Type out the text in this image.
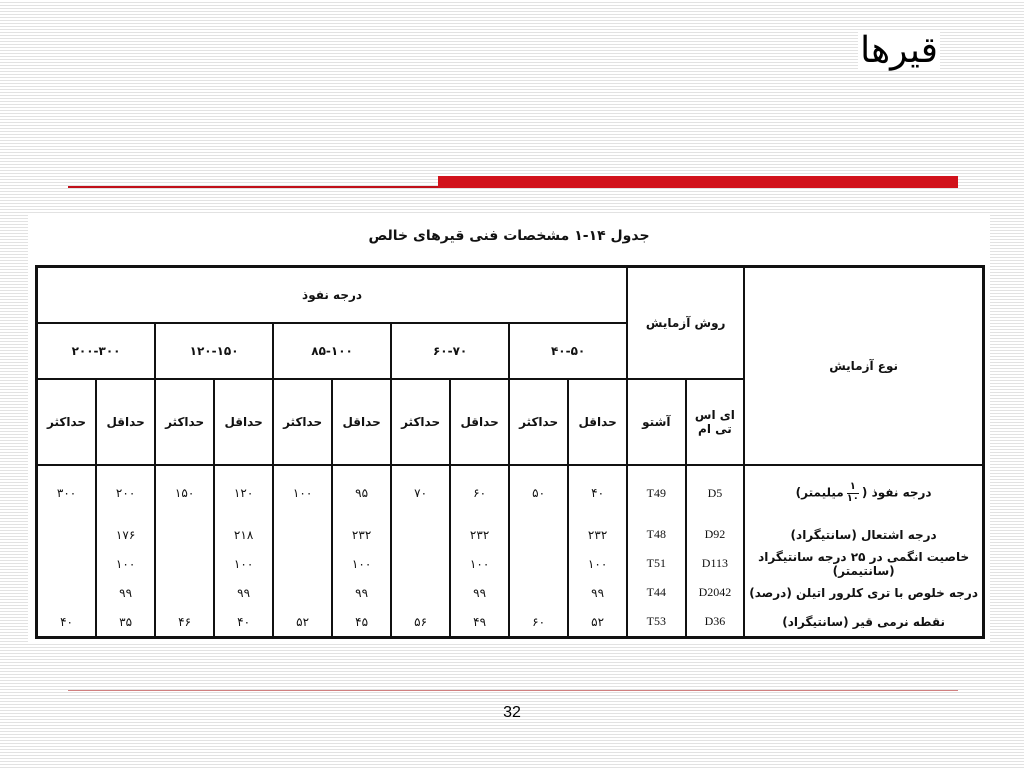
قیرها
جدول ۱۴-۱ مشخصات فنی قیرهای خالص
نوع آزمایش	روش آزمایش		درجه نفوذ									
			۴۰-۵۰		۶۰-۷۰		۸۵-۱۰۰		۱۲۰-۱۵۰		۲۰۰-۳۰۰	
	ای اس تی ام	آشتو	حداقل	حداکثر	حداقل	حداکثر	حداقل	حداکثر	حداقل	حداکثر	حداقل	حداکثر
درجه نفوذ (
$\frac{۱}{۱۰}$
میلیمتر)	D5	T49	۴۰	۵۰	۶۰	۷۰	۹۵	۱۰۰	۱۲۰	۱۵۰	۲۰۰	۳۰۰
درجه اشتعال (سانتیگراد)	D92	T48	۲۳۲		۲۳۲		۲۳۲		۲۱۸		۱۷۶	
خاصیت انگمی در ۲۵ درجه سانتیگراد (سانتیمتر)	D113	T51	۱۰۰		۱۰۰		۱۰۰		۱۰۰		۱۰۰	
درجه خلوص با تری کلرور اتیلن (درصد)	D2042	T44	۹۹		۹۹		۹۹		۹۹		۹۹	
نقطه نرمی قیر (سانتیگراد)	D36	T53	۵۲	۶۰	۴۹	۵۶	۴۵	۵۲	۴۰	۴۶	۳۵	۴۰
32
